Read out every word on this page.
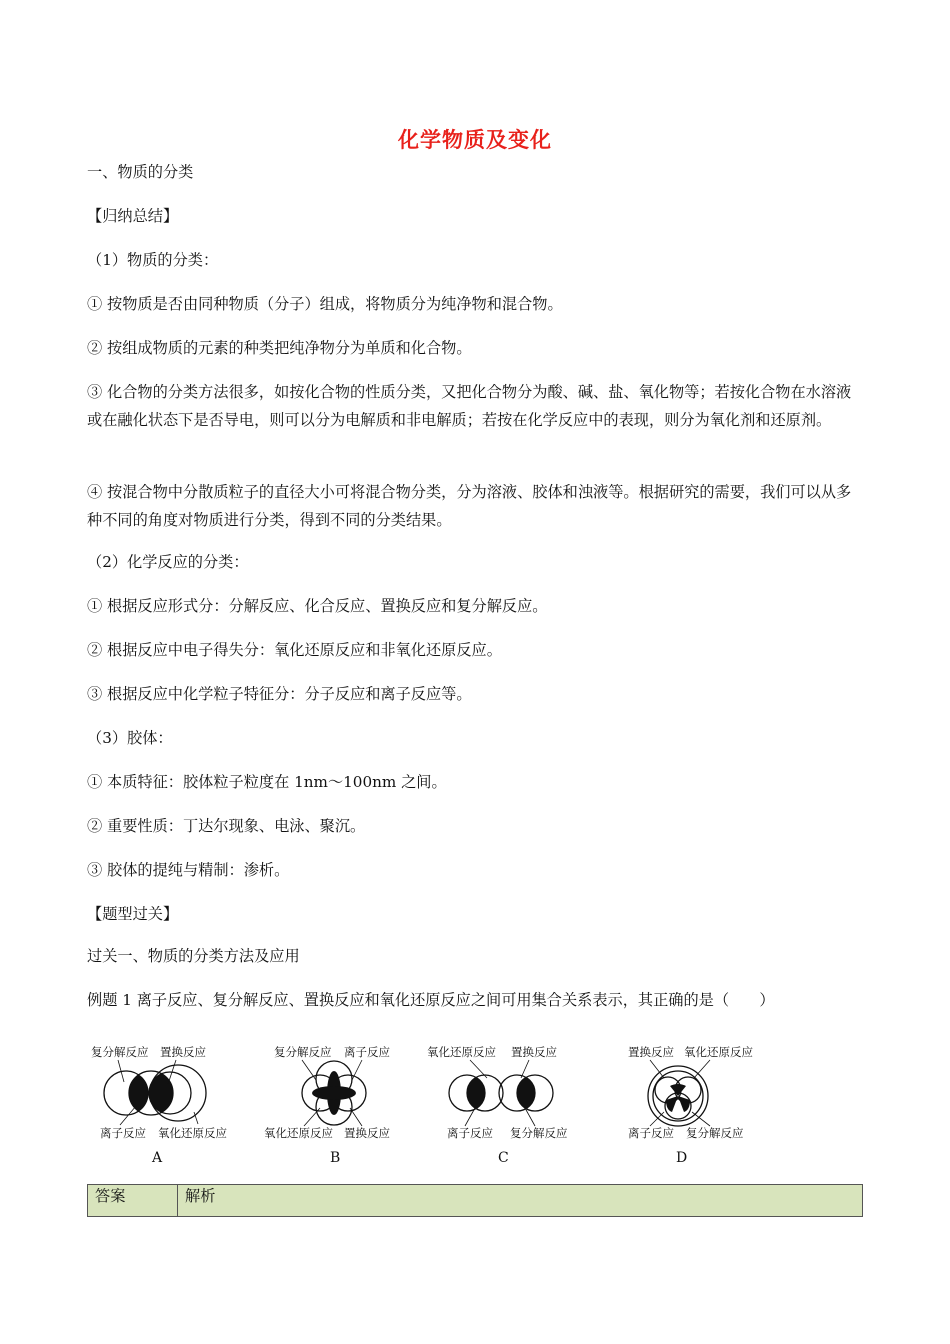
化学物质及变化
一、物质的分类
【归纳总结】
（1）物质的分类：
① 按物质是否由同种物质（分子）组成，将物质分为纯净物和混合物。
② 按组成物质的元素的种类把纯净物分为单质和化合物。
③ 化合物的分类方法很多，如按化合物的性质分类，又把化合物分为酸、碱、盐、氧化物等；若按化合物在水溶液或在融化状态下是否导电，则可以分为电解质和非电解质；若按在化学反应中的表现，则分为氧化剂和还原剂。
④ 按混合物中分散质粒子的直径大小可将混合物分类，分为溶液、胶体和浊液等。根据研究的需要，我们可以从多种不同的角度对物质进行分类，得到不同的分类结果。
（2）化学反应的分类：
① 根据反应形式分：分解反应、化合反应、置换反应和复分解反应。
② 根据反应中电子得失分：氧化还原反应和非氧化还原反应。
③ 根据反应中化学粒子特征分：分子反应和离子反应等。
（3）胶体：
① 本质特征：胶体粒子粒度在 1nm～100nm 之间。
② 重要性质：丁达尔现象、电泳、聚沉。
③ 胶体的提纯与精制：渗析。
【题型过关】
过关一、物质的分类方法及应用
例题 1 离子反应、复分解反应、置换反应和氧化还原反应之间可用集合关系表示，其正确的是（　　）
复分解反应 置换反应
离子反应 氧化还原反应
A
复分解反应 离子反应
氧化还原反应 置换反应
B
氧化还原反应 置换反应
离子反应 复分解反应
C
置换反应 氧化还原反应
离子反应 复分解反应
D
答案	解析
